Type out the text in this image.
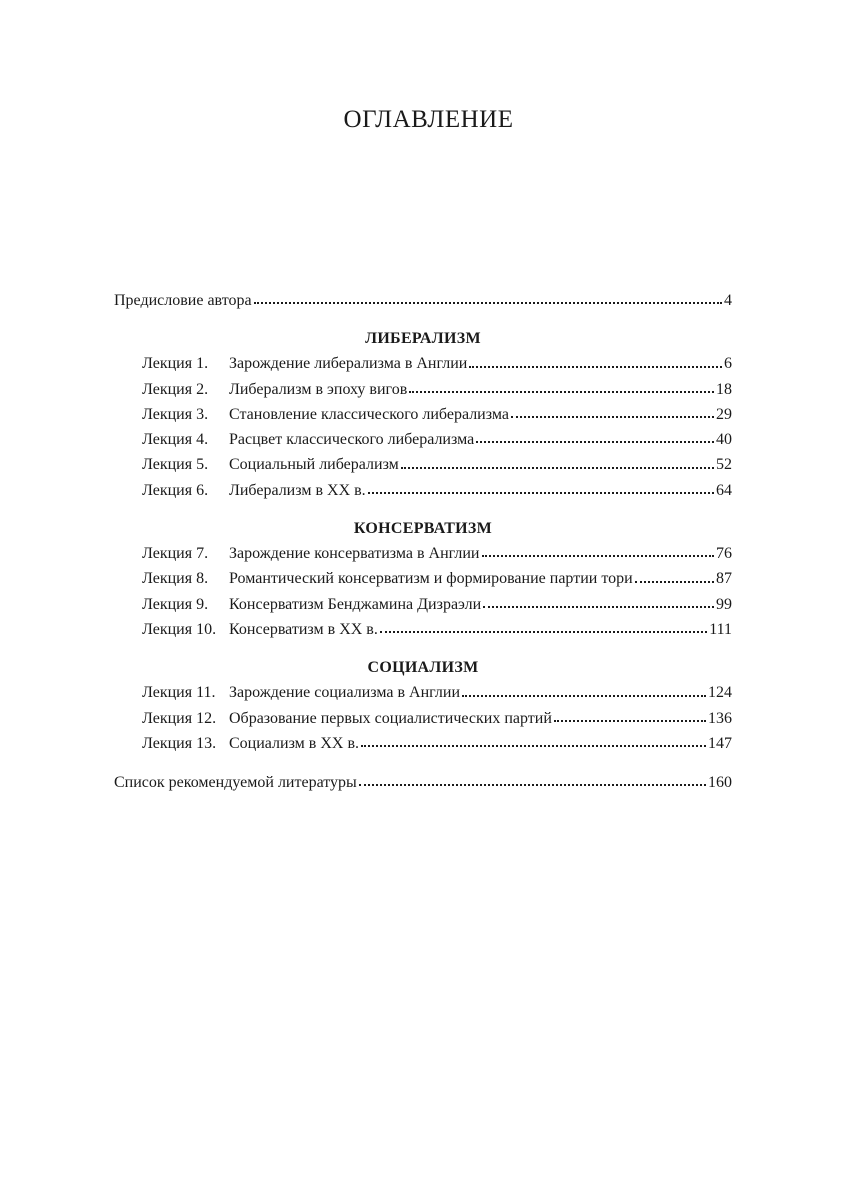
ОГЛАВЛЕНИЕ
Предисловие автора	4
ЛИБЕРАЛИЗМ
Лекция 1.	Зарождение либерализма в Англии	6
Лекция 2.	Либерализм в эпоху вигов	18
Лекция 3.	Становление классического либерализма	29
Лекция 4.	Расцвет классического либерализма	40
Лекция 5.	Социальный либерализм	52
Лекция 6.	Либерализм в XX в.	64
КОНСЕРВАТИЗМ
Лекция 7.	Зарождение консерватизма в Англии	76
Лекция 8.	Романтический консерватизм и формирование партии тори	87
Лекция 9.	Консерватизм Бенджамина Дизраэли	99
Лекция 10. Консерватизм в XX в.	111
СОЦИАЛИЗМ
Лекция 11. Зарождение социализма в Англии	124
Лекция 12. Образование первых социалистических партий	136
Лекция 13. Социализм в XX в.	147
Список рекомендуемой литературы	160
